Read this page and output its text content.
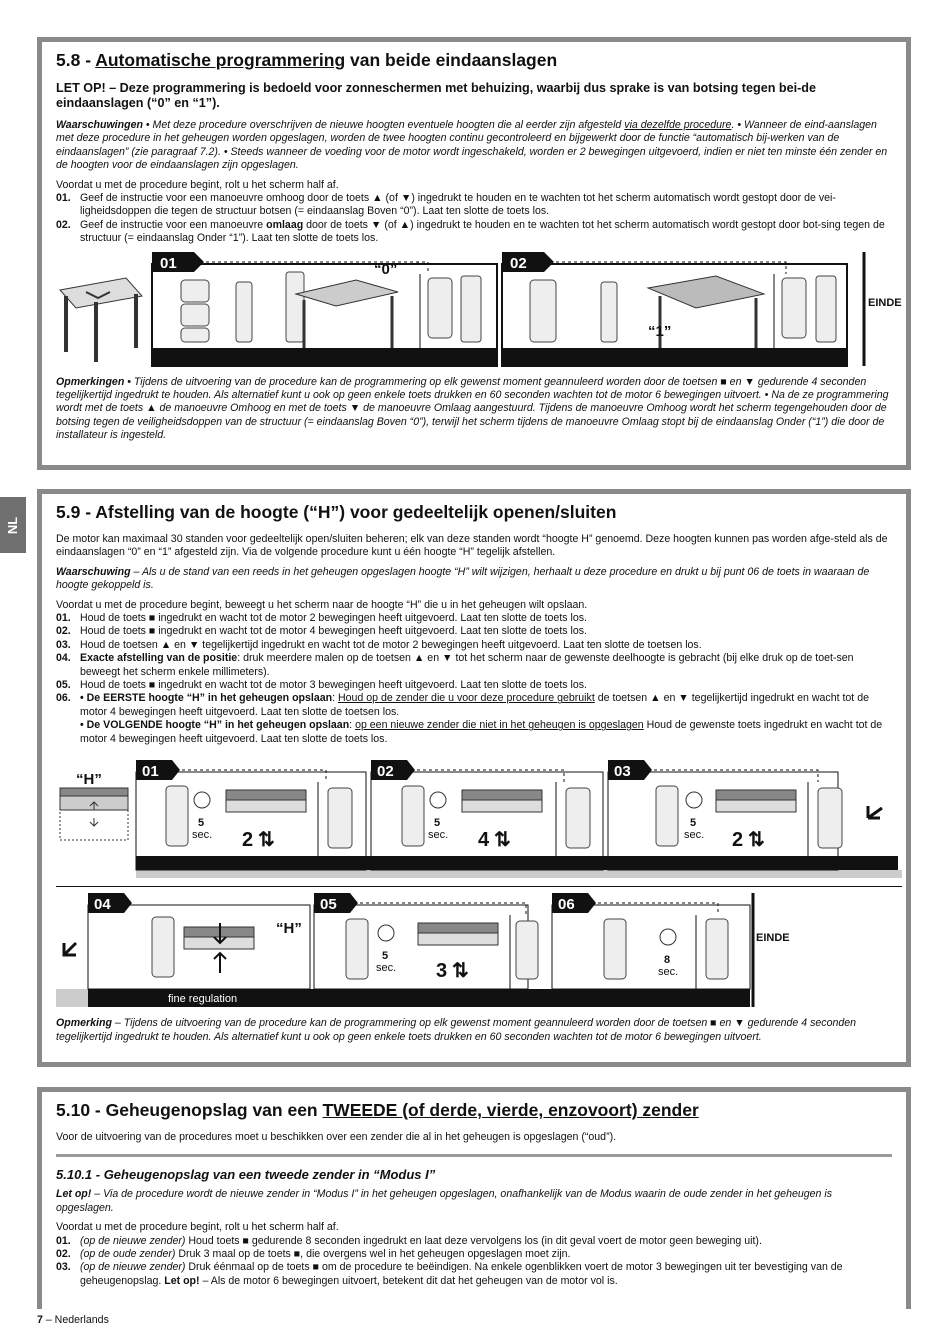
NL
5.8 - Automatische programmering van beide eindaanslagen
LET OP! – Deze programmering is bedoeld voor zonneschermen met behuizing, waarbij dus sprake is van botsing tegen bei-de eindaanslagen (“0” en “1”).

Waarschuwingen • Met deze procedure overschrijven de nieuwe hoogten eventuele hoogten die al eerder zijn afgesteld via dezelfde procedure. • Wanneer de eind-aanslagen met deze procedure in het geheugen worden opgeslagen, worden de twee hoogten continu gecontroleerd en bijgewerkt door de functie “automatisch bij-werken van de eindaanslagen” (zie paragraaf 7.2). • Steeds wanneer de voeding voor de motor wordt ingeschakeld, worden er 2 bewegingen uitgevoerd, indien er niet ten minste één zender en de hoogten voor de eindaanslagen zijn opgeslagen.

Voordat u met de procedure begint, rolt u het scherm half af.

01. Geef de instructie voor een manoeuvre omhoog door de toets ▲ (of ▼) ingedrukt te houden en te wachten tot het scherm automatisch wordt gestopt door de vei-ligheidsdoppen die tegen de structuur botsen (= eindaanslag Boven “0”). Laat ten slotte de toets los.
02. Geef de instructie voor een manoeuvre omlaag door de toets ▼ (of ▲) ingedrukt te houden en te wachten tot het scherm automatisch wordt gestopt door bot-sing tegen de structuur (= eindaanslag Onder “1”). Laat ten slotte de toets los.
01	“0”	02
“1”
EINDE

Opmerkingen • Tijdens de uitvoering van de procedure kan de programmering op elk gewenst moment geannuleerd worden door de toetsen ■ en ▼ gedurende 4 seconden tegelijkertijd ingedrukt te houden. Als alternatief kunt u ook op geen enkele toets drukken en 60 seconden wachten tot de motor 6 bewegingen uitvoert. • Na de ze programmering wordt met de toets ▲ de manoeuvre Omhoog en met de toets ▼ de manoeuvre Omlaag aangestuurd. Tijdens de manoeuvre Omhoog wordt het scherm tegengehouden door de botsing tegen de veiligheidsdoppen van de structuur (= eindaanslag Boven “0”), terwijl het scherm tijdens de manoeuvre Omlaag stopt bij de eindaanslag Onder (“1”) die door de installateur is ingesteld.

5.9 - Afstelling van de hoogte (“H”) voor gedeeltelijk openen/sluiten

De motor kan maximaal 30 standen voor gedeeltelijk open/sluiten beheren; elk van deze standen wordt “hoogte H” genoemd. Deze hoogten kunnen pas worden afge-steld als de eindaanslagen “0” en “1” afgesteld zijn. Via de volgende procedure kunt u één hoogte “H” tegelijk afstellen.

Waarschuwing – Als u de stand van een reeds in het geheugen opgeslagen hoogte “H” wilt wijzigen, herhaalt u deze procedure en drukt u bij punt 06 de toets in waaraan de hoogte gekoppeld is.

Voordat u met de procedure begint, beweegt u het scherm naar de hoogte “H” die u in het geheugen wilt opslaan.

01. Houd de toets ■ ingedrukt en wacht tot de motor 2 bewegingen heeft uitgevoerd. Laat ten slotte de toets los.
02. Houd de toets ■ ingedrukt en wacht tot de motor 4 bewegingen heeft uitgevoerd. Laat ten slotte de toets los.
03. Houd de toetsen ▲ en ▼ tegelijkertijd ingedrukt en wacht tot de motor 2 bewegingen heeft uitgevoerd. Laat ten slotte de toetsen los.
04. Exacte afstelling van de positie: druk meerdere malen op de toetsen ▲ en ▼ tot het scherm naar de gewenste deelhoogte is gebracht (bij elke druk op de toet-sen beweegt het scherm enkele millimeters).
05. Houd de toets ■ ingedrukt en wacht tot de motor 3 bewegingen heeft uitgevoerd. Laat ten slotte de toets los.
06. • De EERSTE hoogte “H” in het geheugen opslaan: Houd op de zender die u voor deze procedure gebruikt de toetsen ▲ en ▼ tegelijkertijd ingedrukt en wacht tot de motor 4 bewegingen heeft uitgevoerd. Laat ten slotte de toetsen los.
• De VOLGENDE hoogte “H” in het geheugen opslaan: op een nieuwe zender die niet in het geheugen is opgeslagen Houd de gewenste toets ingedrukt en wacht tot de motor 4 bewegingen heeft uitgevoerd. Laat ten slotte de toets los.
“H”	01
5
sec. 2 ⇅
02
5
sec. 4 ⇅
03
5
sec. 2 ⇅
04
“H”
fine regulation
05
5
sec. 3 ⇅
06
8
sec.
EINDE

Opmerking – Tijdens de uitvoering van de procedure kan de programmering op elk gewenst moment geannuleerd worden door de toetsen ■ en ▼ gedurende 4 seconden tegelijkertijd ingedrukt te houden. Als alternatief kunt u ook op geen enkele toets drukken en 60 seconden wachten tot de motor 6 bewegingen uitvoert.

5.10 - Geheugenopslag van een TWEEDE (of derde, vierde, enzovoort) zender

Voor de uitvoering van de procedures moet u beschikken over een zender die al in het geheugen is opgeslagen (“oud”).

5.10.1 - Geheugenopslag van een tweede zender in “Modus I”

Let op! – Via de procedure wordt de nieuwe zender in “Modus I” in het geheugen opgeslagen, onafhankelijk van de Modus waarin de oude zender in het geheugen is opgeslagen.

Voordat u met de procedure begint, rolt u het scherm half af.

01. (op de nieuwe zender) Houd toets ■ gedurende 8 seconden ingedrukt en laat deze vervolgens los (in dit geval voert de motor geen beweging uit).
02. (op de oude zender) Druk 3 maal op de toets ■, die overgens wel in het geheugen opgeslagen moet zijn.
03. (op de nieuwe zender) Druk éénmaal op de toets ■ om de procedure te beëindigen. Na enkele ogenblikken voert de motor 3 bewegingen uit ter bevestiging van de geheugenopslag. Let op! – Als de motor 6 bewegingen uitvoert, betekent dit dat het geheugen van de motor vol is.
7 – Nederlands
